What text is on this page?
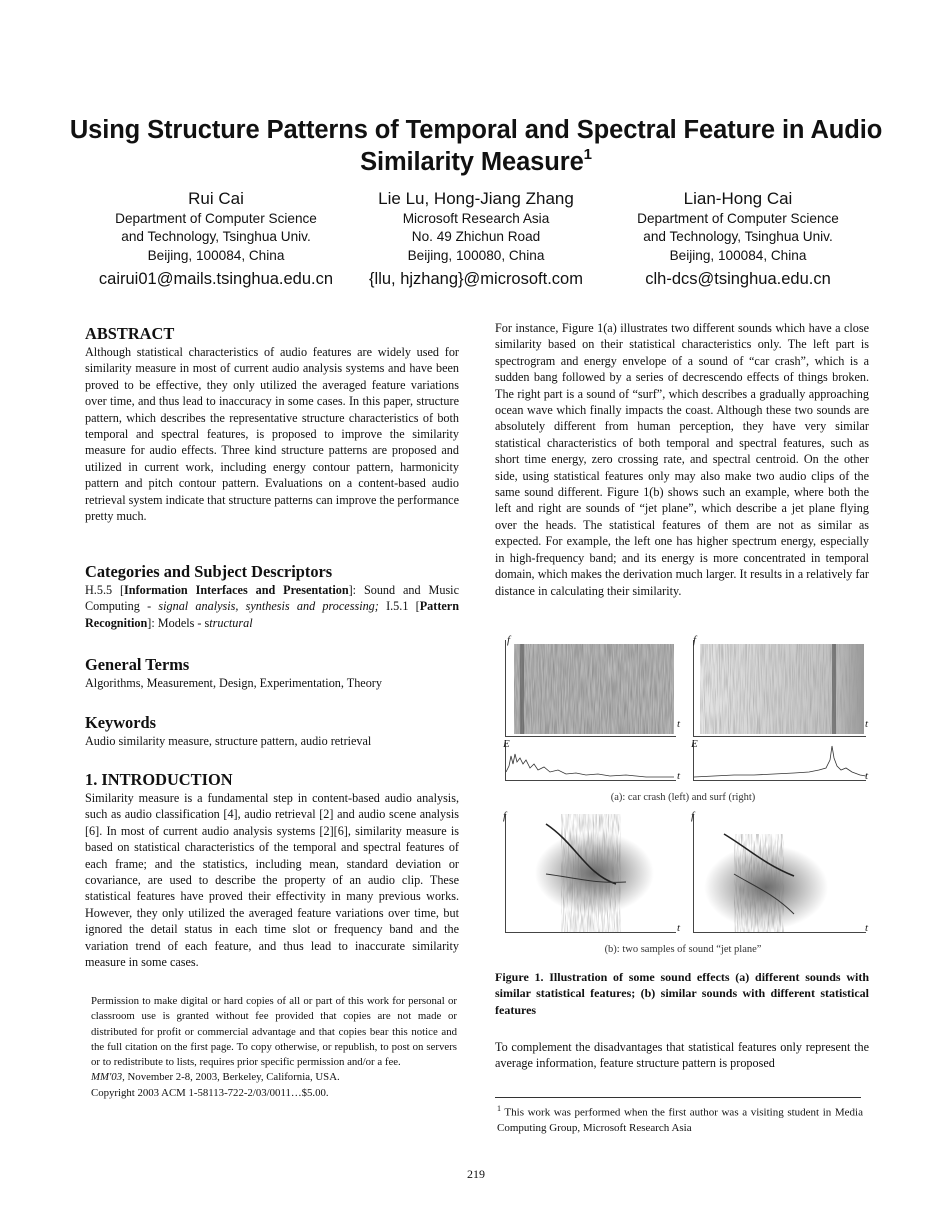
Using Structure Patterns of Temporal and Spectral Feature in Audio Similarity Measure$^1$
Rui Cai
Department of Computer Science
and Technology, Tsinghua Univ.
Beijing, 100084, China
cairui01@mails.tsinghua.edu.cn
Lie Lu, Hong-Jiang Zhang
Microsoft Research Asia
No. 49 Zhichun Road
Beijing, 100080, China
{llu, hjzhang}@microsoft.com
Lian-Hong Cai
Department of Computer Science
and Technology, Tsinghua Univ.
Beijing, 100084, China
clh-dcs@tsinghua.edu.cn
ABSTRACT

Although statistical characteristics of audio features are widely used for similarity measure in most of current audio analysis systems and have been proved to be effective, they only utilized the averaged feature variations over time, and thus lead to inaccuracy in some cases. In this paper, structure pattern, which describes the representative structure characteristics of both temporal and spectral features, is proposed to improve the similarity measure for audio effects. Three kind structure patterns are proposed and utilized in current work, including energy contour pattern, harmonicity pattern and pitch contour pattern. Evaluations on a content-based audio retrieval system indicate that structure patterns can improve the performance pretty much.

Categories and Subject Descriptors

H.5.5 [Information Interfaces and Presentation]: Sound and Music Computing - signal analysis, synthesis and processing; I.5.1 [Pattern Recognition]: Models - structural

General Terms

Algorithms, Measurement, Design, Experimentation, Theory

Keywords

Audio similarity measure, structure pattern, audio retrieval

1. INTRODUCTION

Similarity measure is a fundamental step in content-based audio analysis, such as audio classification [4], audio retrieval [2] and audio scene analysis [6]. In most of current audio analysis systems [2][6], similarity measure is based on statistical characteristics of the temporal and spectral features of each frame; and the statistics, including mean, standard deviation or covariance, are used to describe the property of an audio clip. These statistical features have proved their effectivity in many previous works. However, they only utilized the averaged feature variations over time, but ignored the detail status in each time slot or frequency band and the variation trend of each feature, and thus lead to inaccurate similarity measure in some cases.

Permission to make digital or hard copies of all or part of this work for personal or classroom use is granted without fee provided that copies are not made or distributed for profit or commercial advantage and that copies bear this notice and the full citation on the first page. To copy otherwise, or republish, to post on servers or to redistribute to lists, requires prior specific permission and/or a fee.

MM'03, November 2-8, 2003, Berkeley, California, USA.

Copyright 2003 ACM 1-58113-722-2/03/0011…$5.00.

For instance, Figure 1(a) illustrates two different sounds which have a close similarity based on their statistical characteristics only. The left part is spectrogram and energy envelope of a sound of “car crash”, which is a sudden bang followed by a series of decrescendo effects of things broken. The right part is a sound of “surf”, which describes a gradually approaching ocean wave which finally impacts the coast. Although these two sounds are absolutely different from human perception, they have very similar statistical characteristics of both temporal and spectral features, such as short time energy, zero crossing rate, and spectral centroid. On the other side, using statistical features only may also make two audio clips of the same sound different. Figure 1(b) shows such an example, where both the left and right are sounds of “jet plane”, which describe a jet plane flying over the heads. The statistical features of them are not as similar as expected. For example, the left one has higher spectrum energy, especially in high-frequency band; and its energy is more concentrated in temporal domain, which makes the derivation much larger. It results in a relatively far distance in calculating their similarity.

f
t
f
t
E
t
E
t
(a): car crash (left) and surf (right)
f
t
f
t
(b): two samples of sound “jet plane”
Figure 1. Illustration of some sound effects (a) different sounds with similar statistical features; (b) similar sounds with different statistical features

To complement the disadvantages that statistical features only represent the average information, feature structure pattern is proposed

$^1$ This work was performed when the first author was a visiting student in Media Computing Group, Microsoft Research Asia
219
